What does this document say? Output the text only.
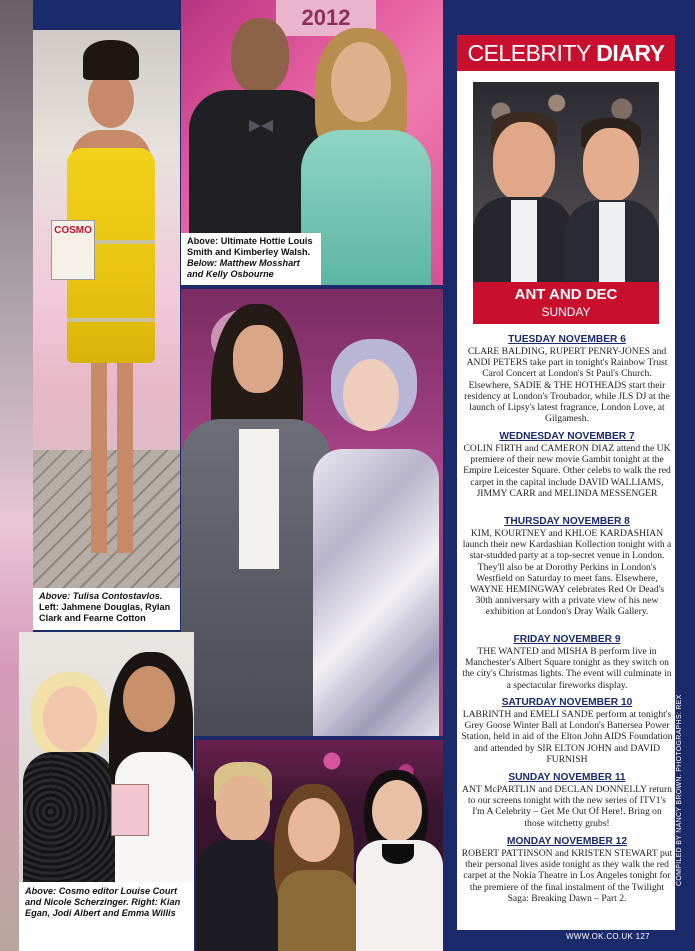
COSMO
Above: Tulisa Contostavlos. Left: Jahmene Douglas, Rylan Clark and Fearne Cotton
2012
Above: Ultimate Hottie Louis Smith and Kimberley Walsh. Below: Matthew Mosshart and Kelly Osbourne
Above: Cosmo editor Louise Court and Nicole Scherzinger. Right: Kian Egan, Jodi Albert and Emma Willis
CELEBRITY DIARY
ANT AND DEC
SUNDAY
TUESDAY NOVEMBER 6
CLARE BALDING, RUPERT PENRY-JONES and ANDI PETERS take part in tonight's Rainbow Trust Carol Concert at London's St Paul's Church. Elsewhere, SADIE & THE HOTHEADS start their residency at London's Troubador, while JLS DJ at the launch of Lipsy's latest fragrance, London Love, at Gilgamesh.
WEDNESDAY NOVEMBER 7
COLIN FIRTH and CAMERON DIAZ attend the UK premiere of their new movie Gambit tonight at the Empire Leicester Square. Other celebs to walk the red carpet in the capital include DAVID WALLIAMS, JIMMY CARR and MELINDA MESSENGER
THURSDAY NOVEMBER 8
KIM, KOURTNEY and KHLOE KARDASHIAN launch their new Kardashian Kollection tonight with a star-studded party at a top-secret venue in London. They'll also be at Dorothy Perkins in London's Westfield on Saturday to meet fans. Elsewhere, WAYNE HEMINGWAY celebrates Red Or Dead's 30th anniversary with a private view of his new exhibition at London's Dray Walk Gallery.
FRIDAY NOVEMBER 9
THE WANTED and MISHA B perform live in Manchester's Albert Square tonight as they switch on the city's Christmas lights. The event will culminate in a spectacular fireworks display.
SATURDAY NOVEMBER 10
LABRINTH and EMELI SANDE perform at tonight's Grey Goose Winter Ball at London's Battersea Power Station, held in aid of the Elton John AIDS Foundation and attended by SIR ELTON JOHN and DAVID FURNISH
SUNDAY NOVEMBER 11
ANT McPARTLIN and DECLAN DONNELLY return to our screens tonight with the new series of ITV1's I'm A Celebrity – Get Me Out Of Here!. Bring on those witchetty grubs!
MONDAY NOVEMBER 12
ROBERT PATTINSON and KRISTEN STEWART put their personal lives aside tonight as they walk the red carpet at the Nokia Theatre in Los Angeles tonight for the premiere of the final instalment of the Twilight Saga: Breaking Dawn – Part 2.
COMPILED BY NANCY BROWN. PHOTOGRAPHS: REX
WWW.OK.CO.UK 127
